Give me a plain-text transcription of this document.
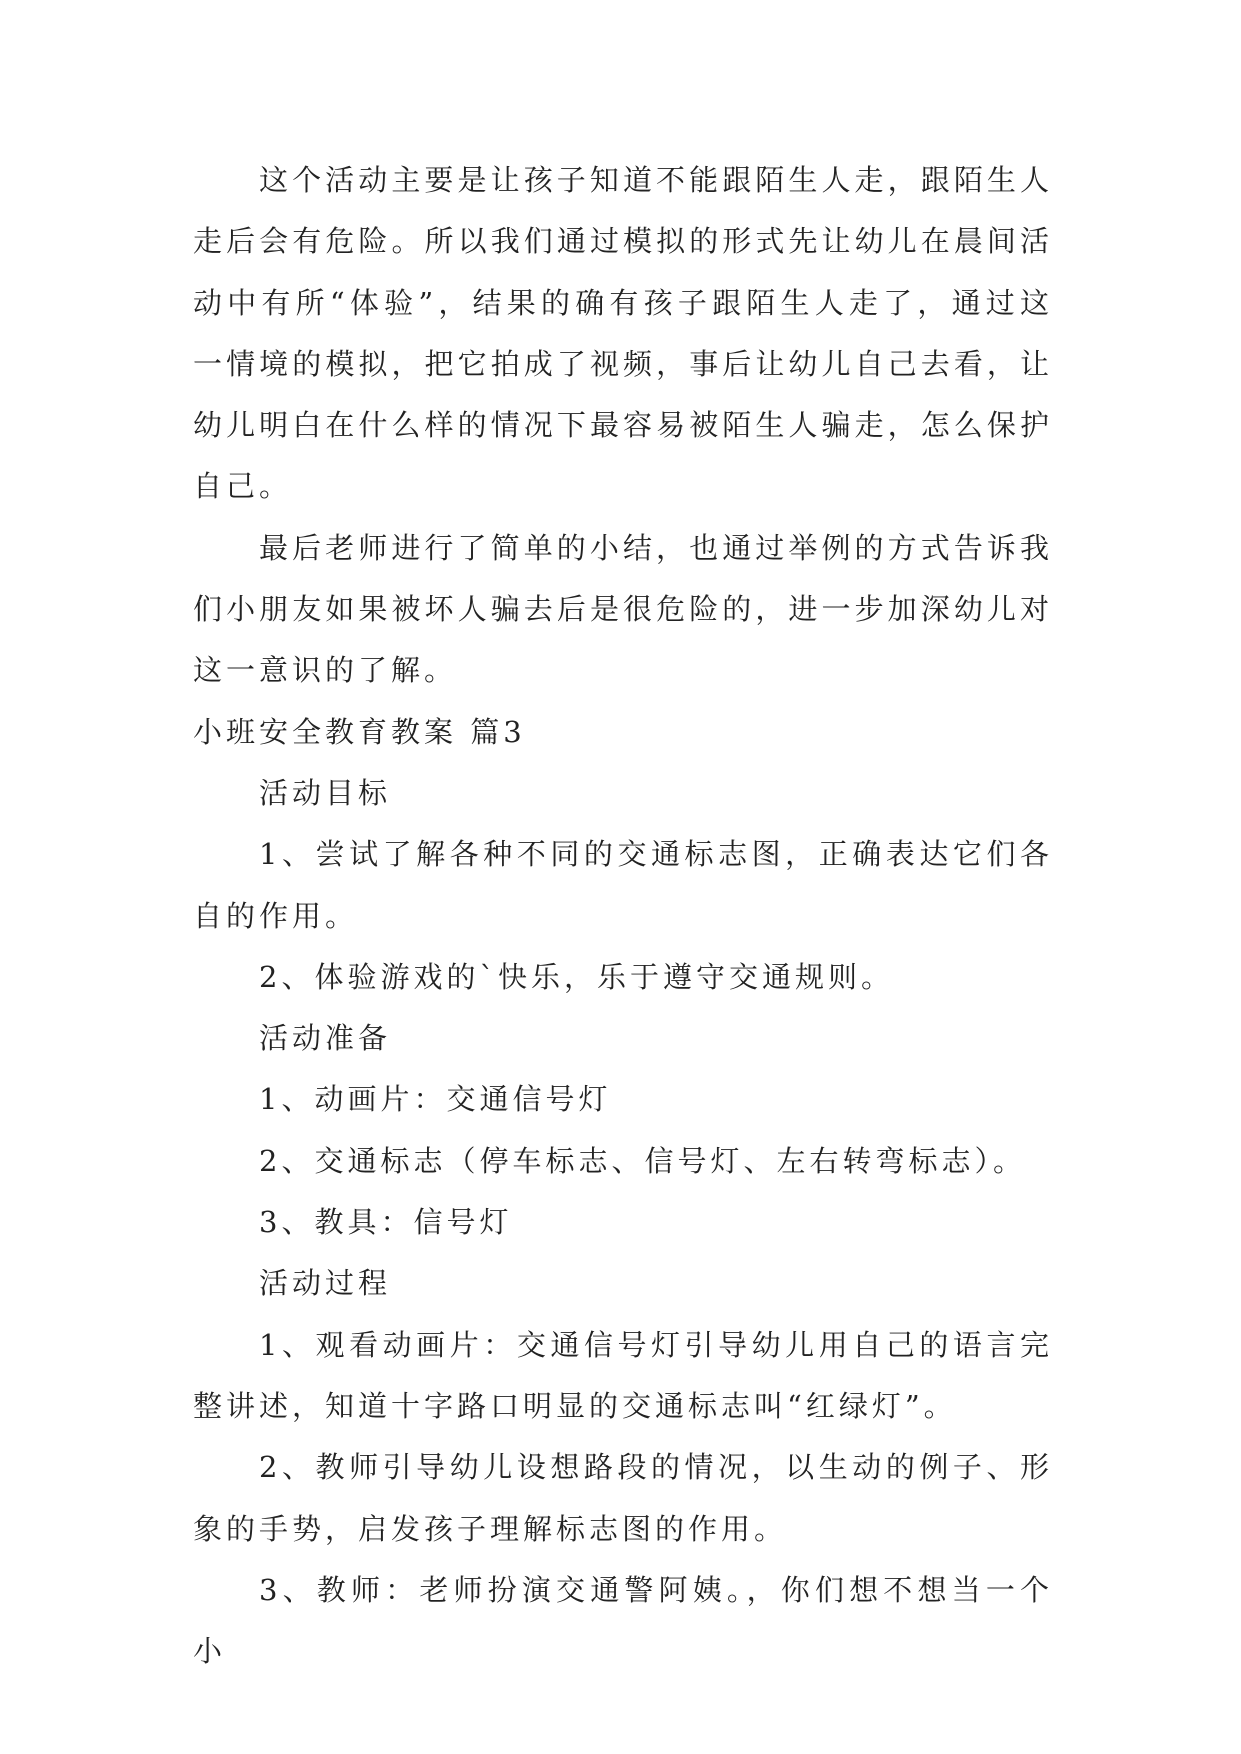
这个活动主要是让孩子知道不能跟陌生人走，跟陌生人走后会有危险。所以我们通过模拟的形式先让幼儿在晨间活动中有所“体验”，结果的确有孩子跟陌生人走了，通过这一情境的模拟，把它拍成了视频，事后让幼儿自己去看，让幼儿明白在什么样的情况下最容易被陌生人骗走，怎么保护自己。

最后老师进行了简单的小结，也通过举例的方式告诉我们小朋友如果被坏人骗去后是很危险的，进一步加深幼儿对这一意识的了解。

小班安全教育教案 篇3

活动目标

1、尝试了解各种不同的交通标志图，正确表达它们各自的作用。

2、体验游戏的`快乐，乐于遵守交通规则。

活动准备

1、动画片：交通信号灯

2、交通标志（停车标志、信号灯、左右转弯标志）。

3、教具：信号灯

活动过程

1、观看动画片：交通信号灯引导幼儿用自己的语言完整讲述，知道十字路口明显的交通标志叫“红绿灯”。

2、教师引导幼儿设想路段的情况，以生动的例子、形象的手势，启发孩子理解标志图的作用。

3、教师：老师扮演交通警阿姨。，你们想不想当一个小
